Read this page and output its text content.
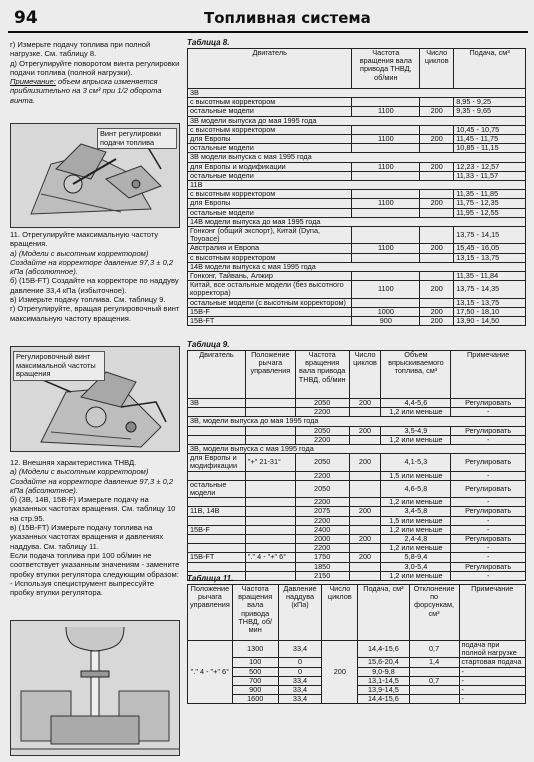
94	Топливная система

г) Измерьте подачу топлива при полной нагрузке. См. таблицу 8.

д) Отрегулируйте поворотом винта регулировки подачи топлива (полной нагрузки).

Примечание: объем впрыска изменяется приблизительно на 3 см³ при 1/2 оборота винта.

Винт регулировки подачи топлива

11. Отрегулируйте максимальную частоту вращения.

а) (Модели с высотным корректором) Создайте на корректоре давление 97,3 ± 0,2 кПа (абсолютное).

б) (15В-FT) Создайте на корректоре по наддуву давление 33,4 кПа (избыточное).

в) Измерьте подачу топлива. См. таблицу 9.

г) Отрегулируйте, вращая регулировочный винт максимальную частоту вращения.

Регулировочный винт максимальной частоты вращения

12. Внешняя характеристика ТНВД.

а) (Модели с высотным корректором) Создайте на корректоре давление 97,3 ± 0,2 кПа (абсолютное).

б) (3В, 14В, 15В-F) Измерьте подачу на указанных частотах вращения. См. таблицу 10 на стр.95.

в) (15В-FT) Измерьте подачу топлива на указанных частотах вращения и давлениях наддува. См. таблицу 11.

Если подача топлива при 100 об/мин не соответствует указанным значениям - замените пробку втулки регулятора следующим образом:

- Используя специструмент выпрессуйте пробку втулки регулятора.

Таблица 8.
Двигатель	Частота вращения вала привода ТНВД, об/мин	Число циклов	Подача, см³
3В			
с высотным корректором			8,95 - 9,25
остальные модели	1100	200	9,35 - 9,65
3В модели выпуска до мая 1995 года			
с высотным корректором			10,45 - 10,75
для Европы	1100	200	11,45 - 11,75
остальные модели			10,85 - 11,15
3В модели выпуска с мая 1995 года			
для Европы и модификации	1100	200	12,23 - 12,57
остальные модели			11,33 - 11,57
11В			
с высотным корректором			11,35 - 11,85
для Европы	1100	200	11,75 - 12,35
остальные модели			11,95 - 12,55
14В модели выпуска до мая 1995 года			
Гонконг (общий экспорт), Китай (Dyna, Toyoace)			13,75 - 14,15
Австралия и Европа	1100	200	15,45 - 16,05
с высотным корректором			13,15 - 13,75
14В модели выпуска с мая 1995 года			
Гонконг, Тайвань, Алжир			11,35 - 11,84
Китай, все остальные модели (без высотного корректора)	1100	200	13,75 - 14,35
остальные модели (с высотным корректором)			13,15 - 13,75
15В-F	1000	200	17,50 - 18,10
15В-FT	900	200	13,90 - 14,50
Таблица 9.
Двигатель	Положение рычага управления	Частота вращения вала привода ТНВД, об/мин	Число циклов	Объем впрыскиваемого топлива, см³	Примечание
3В		2050	200	4,4-5,6	Регулировать
		2200		1,2 или меньше	-
3В, модели выпуска до мая 1995 года					
		2050	200	3,5-4,9	Регулировать
		2200		1,2 или меньше	-
3В, модели выпуска с мая 1995 года					
для Европы и модификации	"+" 21-31°	2050	200	4,1-5,3	Регулировать
		2200		1,5 или меньше	-
остальные модели		2050		4,6-5,8	Регулировать
		2200		1,2 или меньше	-
11В, 14В		2075	200	3,4-5,8	Регулировать
		2200		1,5 или меньше	-
15В-F		2400		1,2 или меньше	-
		2000	200	2,4-4,8	Регулировать
		2200		1,2 или меньше	-
15В-FT	"." 4 - "+" 6°	1750	200	5,8-9,4	-
		1850		3,0-5,4	Регулировать
		2150		1,2 или меньше	-
Таблица 11.
Положение рычага управления	Частота вращения вала привода ТНВД, об/мин	Давление наддува (кПа)	Число циклов	Подача, см³	Отклонение по форсункам, см³	Примечание
"." 4 - "+" 6°	1300	33,4	200	14,4-15,6	0,7	подача при полной нагрузке
	100	0		15,6-20,4	1,4	стартовая подача
	500	0		9,0-9,8		-
	700	33,4		13,1-14,5	0,7	-
	900	33,4		13,9-14,5		-
	1600	33,4		14,4-15,6		-
